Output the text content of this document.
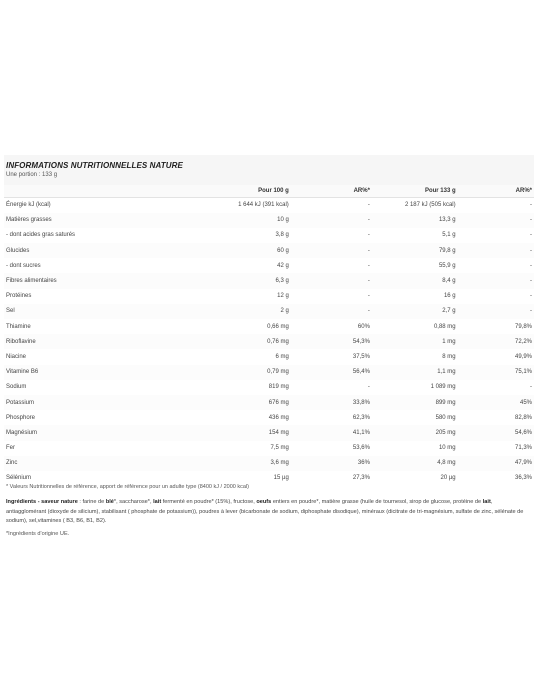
INFORMATIONS NUTRITIONNELLES NATURE
Une portion : 133 g
	Pour 100 g	AR%*	Pour 133 g	AR%*
Énergie kJ (kcal)	1 644 kJ (391 kcal)	-	2 187 kJ (505 kcal)	-
Matières grasses	10 g	-	13,3 g	-
- dont acides gras saturés	3,8 g	-	5,1 g	-
Glucides	60 g	-	79,8 g	-
- dont sucres	42 g	-	55,9 g	-
Fibres alimentaires	6,3 g	-	8,4 g	-
Protéines	12 g	-	16 g	-
Sel	2 g	-	2,7 g	-
Thiamine	0,66 mg	60%	0,88 mg	79,8%
Riboflavine	0,76 mg	54,3%	1 mg	72,2%
Niacine	6 mg	37,5%	8 mg	49,9%
Vitamine B6	0,79 mg	56,4%	1,1 mg	75,1%
Sodium	819 mg	-	1 089 mg	-
Potassium	676 mg	33,8%	899 mg	45%
Phosphore	436 mg	62,3%	580 mg	82,8%
Magnésium	154 mg	41,1%	205 mg	54,6%
Fer	7,5 mg	53,6%	10 mg	71,3%
Zinc	3,6 mg	36%	4,8 mg	47,9%
Sélénium	15 µg	27,3%	20 µg	36,3%
* Valeurs Nutritionnelles de référence, apport de référence pour un adulte type (8400 kJ / 2000 kcal)
Ingrédients - saveur nature : farine de blé*, saccharose*, lait fermenté en poudre* (15%), fructose, oeufs entiers en poudre*, matière grasse (huile de tournesol, sirop de glucose, protéine de lait, antiagglomérant (dioxyde de silicium), stabilisant ( phosphate de potassium)), poudres à lever (bicarbonate de sodium, diphosphate disodique), minéraux (dicitrate de tri-magnésium, sulfate de zinc, sélénate de sodium), sel,vitamines ( B3, B6, B1, B2).
*Ingrédients d'origine UE.
